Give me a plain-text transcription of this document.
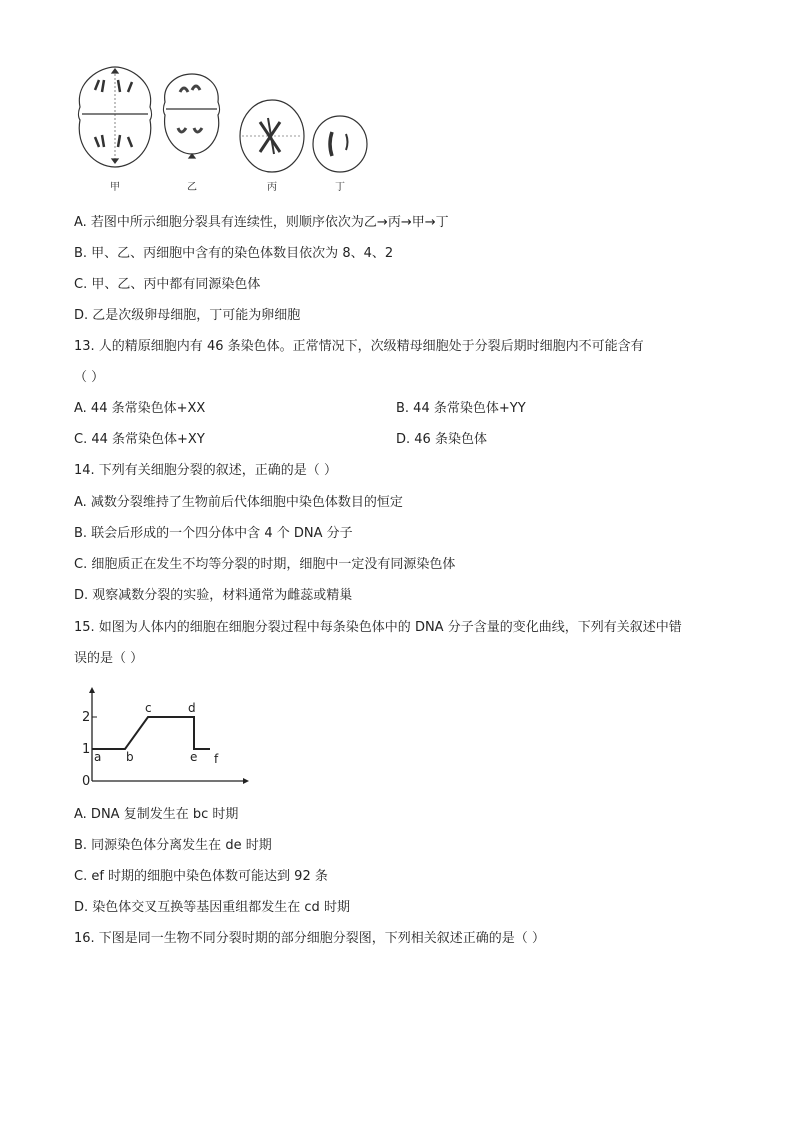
甲	乙	丙	丁
A. 若图中所示细胞分裂具有连续性，则顺序依次为乙→丙→甲→丁
B. 甲、乙、丙细胞中含有的染色体数目依次为 8、4、2
C. 甲、乙、丙中都有同源染色体
D. 乙是次级卵母细胞，丁可能为卵细胞
13. 人的精原细胞内有 46 条染色体。正常情况下，次级精母细胞处于分裂后期时细胞内不可能含有
（ ）
A. 44 条常染色体+XX	B. 44 条常染色体+YY
C. 44 条常染色体+XY	D. 46 条染色体
14. 下列有关细胞分裂的叙述，正确的是（ ）
A. 减数分裂维持了生物前后代体细胞中染色体数目的恒定
B. 联会后形成的一个四分体中含 4 个 DNA 分子
C. 细胞质正在发生不均等分裂的时期，细胞中一定没有同源染色体
D. 观察减数分裂的实验，材料通常为雌蕊或精巢
15. 如图为人体内的细胞在细胞分裂过程中每条染色体中的 DNA 分子含量的变化曲线，下列有关叙述中错
误的是（ ）
2
1
0
a b
c	d
e f
A. DNA 复制发生在 bc 时期
B. 同源染色体分离发生在 de 时期
C. ef 时期的细胞中染色体数可能达到 92 条
D. 染色体交叉互换等基因重组都发生在 cd 时期
16. 下图是同一生物不同分裂时期的部分细胞分裂图，下列相关叙述正确的是（ ）
